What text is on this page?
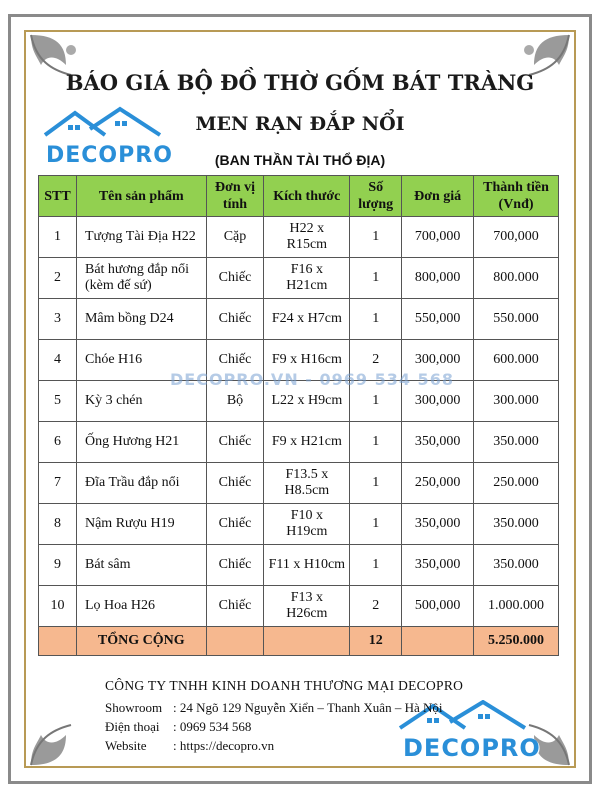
DECOPRO
DECOPRO
BÁO GIÁ BỘ ĐỒ THỜ GỐM BÁT TRÀNG
MEN RẠN ĐẮP NỔI
(BAN THẦN TÀI THỔ ĐỊA)
STT	Tên sản phẩm	Đơn vị tính	Kích thước	Số lượng	Đơn giá	Thành tiền (Vnđ)
1	Tượng Tài Địa H22	Cặp	H22 x R15cm	1	700,000	700,000
2	Bát hương đắp nổi (kèm đế sứ)	Chiếc	F16 x H21cm	1	800,000	800.000
3	Mâm bồng D24	Chiếc	F24 x H7cm	1	550,000	550.000
4	Chóe H16	Chiếc	F9 x H16cm	2	300,000	600.000
5	Kỳ 3 chén	Bộ	L22 x H9cm	1	300,000	300.000
6	Ống Hương H21	Chiếc	F9 x H21cm	1	350,000	350.000
7	Đĩa Trầu đắp nổi	Chiếc	F13.5 x H8.5cm	1	250,000	250.000
8	Nậm Rượu H19	Chiếc	F10 x H19cm	1	350,000	350.000
9	Bát sâm	Chiếc	F11 x H10cm	1	350,000	350.000
10	Lọ Hoa H26	Chiếc	F13 x H26cm	2	500,000	1.000.000
	TỔNG CỘNG			12		5.250.000
DECOPRO.VN - 0969 534 568
CÔNG TY TNHH KINH DOANH THƯƠNG MẠI DECOPRO
Showroom : 24 Ngõ 129 Nguyễn Xiển – Thanh Xuân – Hà Nội
Điện thoại : 0969 534 568
Website : https://decopro.vn
